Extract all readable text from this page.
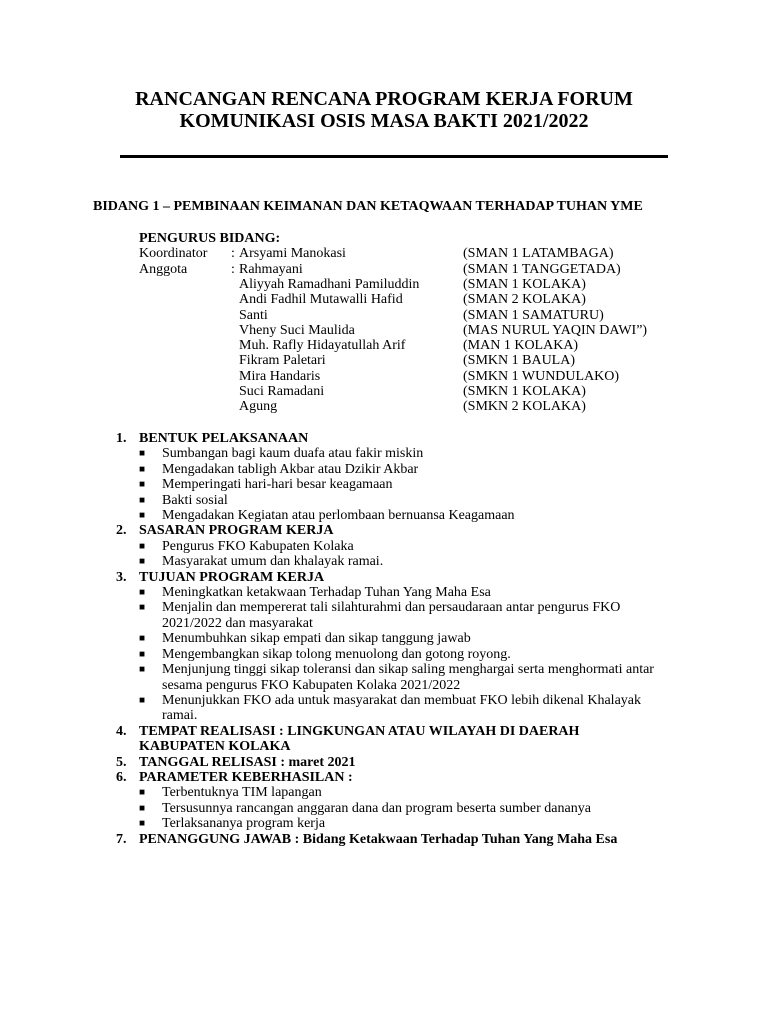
RANCANGAN RENCANA PROGRAM KERJA FORUM
KOMUNIKASI OSIS MASA BAKTI 2021/2022
BIDANG 1 – PEMBINAAN KEIMANAN DAN KETAQWAAN TERHADAP TUHAN YME
PENGURUS BIDANG:
Koordinator : Arsyami Manokasi	(SMAN 1 LATAMBAGA)
Anggota	: Rahmayani	(SMAN 1 TANGGETADA)
Aliyyah Ramadhani Pamiluddin	(SMAN 1 KOLAKA)
Andi Fadhil Mutawalli Hafid	(SMAN 2 KOLAKA)
Santi	(SMAN 1 SAMATURU)
Vheny Suci Maulida	(MAS NURUL YAQIN DAWI”)
Muh. Rafly Hidayatullah Arif	(MAN 1 KOLAKA)
Fikram Paletari	(SMKN 1 BAULA)
Mira Handaris	(SMKN 1 WUNDULAKO)
Suci Ramadani	(SMKN 1 KOLAKA)
Agung	(SMKN 2 KOLAKA)
1. BENTUK PELAKSANAAN
■ Sumbangan bagi kaum duafa atau fakir miskin
■ Mengadakan tabligh Akbar atau Dzikir Akbar
■ Memperingati hari-hari besar keagamaan
■ Bakti sosial
■ Mengadakan Kegiatan atau perlombaan bernuansa Keagamaan
2. SASARAN PROGRAM KERJA
■ Pengurus FKO Kabupaten Kolaka
■ Masyarakat umum dan khalayak ramai.
3. TUJUAN PROGRAM KERJA
■ Meningkatkan ketakwaan Terhadap Tuhan Yang Maha Esa
■ Menjalin dan mempererat tali silahturahmi dan persaudaraan antar pengurus FKO 2021/2022 dan masyarakat
■ Menumbuhkan sikap empati dan sikap tanggung jawab
■ Mengembangkan sikap tolong menuolong dan gotong royong.
■ Menjunjung tinggi sikap toleransi dan sikap saling menghargai serta menghormati antar sesama pengurus FKO Kabupaten Kolaka 2021/2022
■ Menunjukkan FKO ada untuk masyarakat dan membuat FKO lebih dikenal Khalayak ramai.
4. TEMPAT REALISASI : LINGKUNGAN ATAU WILAYAH DI DAERAH
KABUPATEN KOLAKA
5. TANGGAL RELISASI : maret 2021
6. PARAMETER KEBERHASILAN :
■ Terbentuknya TIM lapangan
■ Tersusunnya rancangan anggaran dana dan program beserta sumber dananya
■ Terlaksananya program kerja
7. PENANGGUNG JAWAB : Bidang Ketakwaan Terhadap Tuhan Yang Maha Esa
